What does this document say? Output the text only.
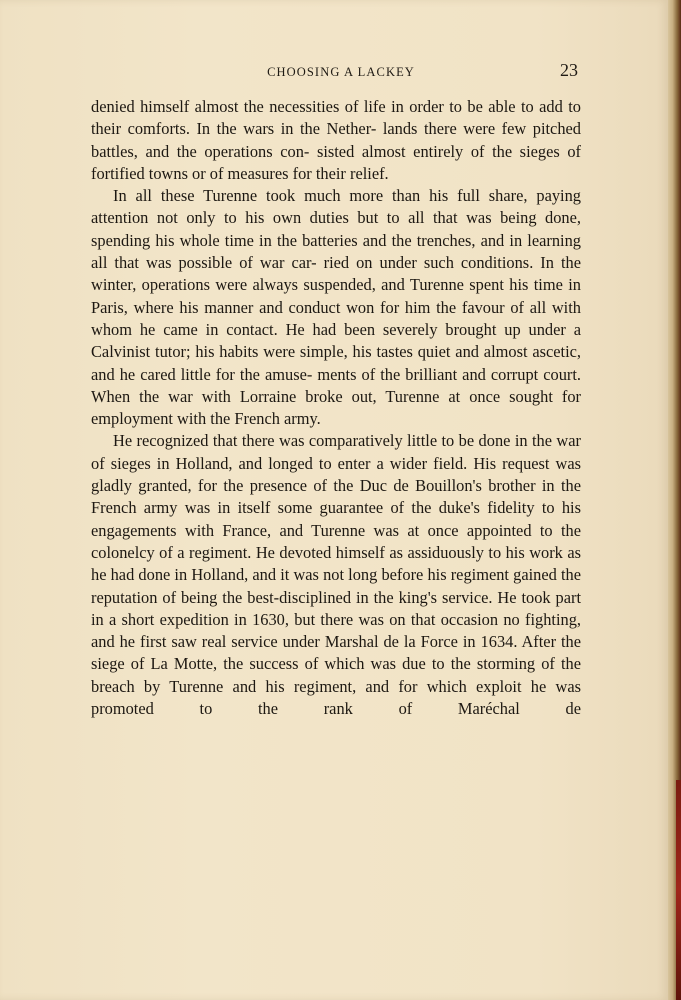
CHOOSING A LACKEY	23

denied himself almost the necessities of life in order to be able to add to their comforts. In the wars in the Nether- lands there were few pitched battles, and the operations con- sisted almost entirely of the sieges of fortified towns or of measures for their relief.

In all these Turenne took much more than his full share, paying attention not only to his own duties but to all that was being done, spending his whole time in the batteries and the trenches, and in learning all that was possible of war car- ried on under such conditions. In the winter, operations were always suspended, and Turenne spent his time in Paris, where his manner and conduct won for him the favour of all with whom he came in contact. He had been severely brought up under a Calvinist tutor; his habits were simple, his tastes quiet and almost ascetic, and he cared little for the amuse- ments of the brilliant and corrupt court. When the war with Lorraine broke out, Turenne at once sought for employment with the French army.

He recognized that there was comparatively little to be done in the war of sieges in Holland, and longed to enter a wider field. His request was gladly granted, for the presence of the Duc de Bouillon's brother in the French army was in itself some guarantee of the duke's fidelity to his engagements with France, and Turenne was at once appointed to the colonelcy of a regiment. He devoted himself as assiduously to his work as he had done in Holland, and it was not long before his regiment gained the reputation of being the best-disciplined in the king's service. He took part in a short expedition in 1630, but there was on that occasion no fighting, and he first saw real service under Marshal de la Force in 1634. After the siege of La Motte, the success of which was due to the storming of the breach by Turenne and his regiment, and for which exploit he was promoted to the rank of Maréchal de
